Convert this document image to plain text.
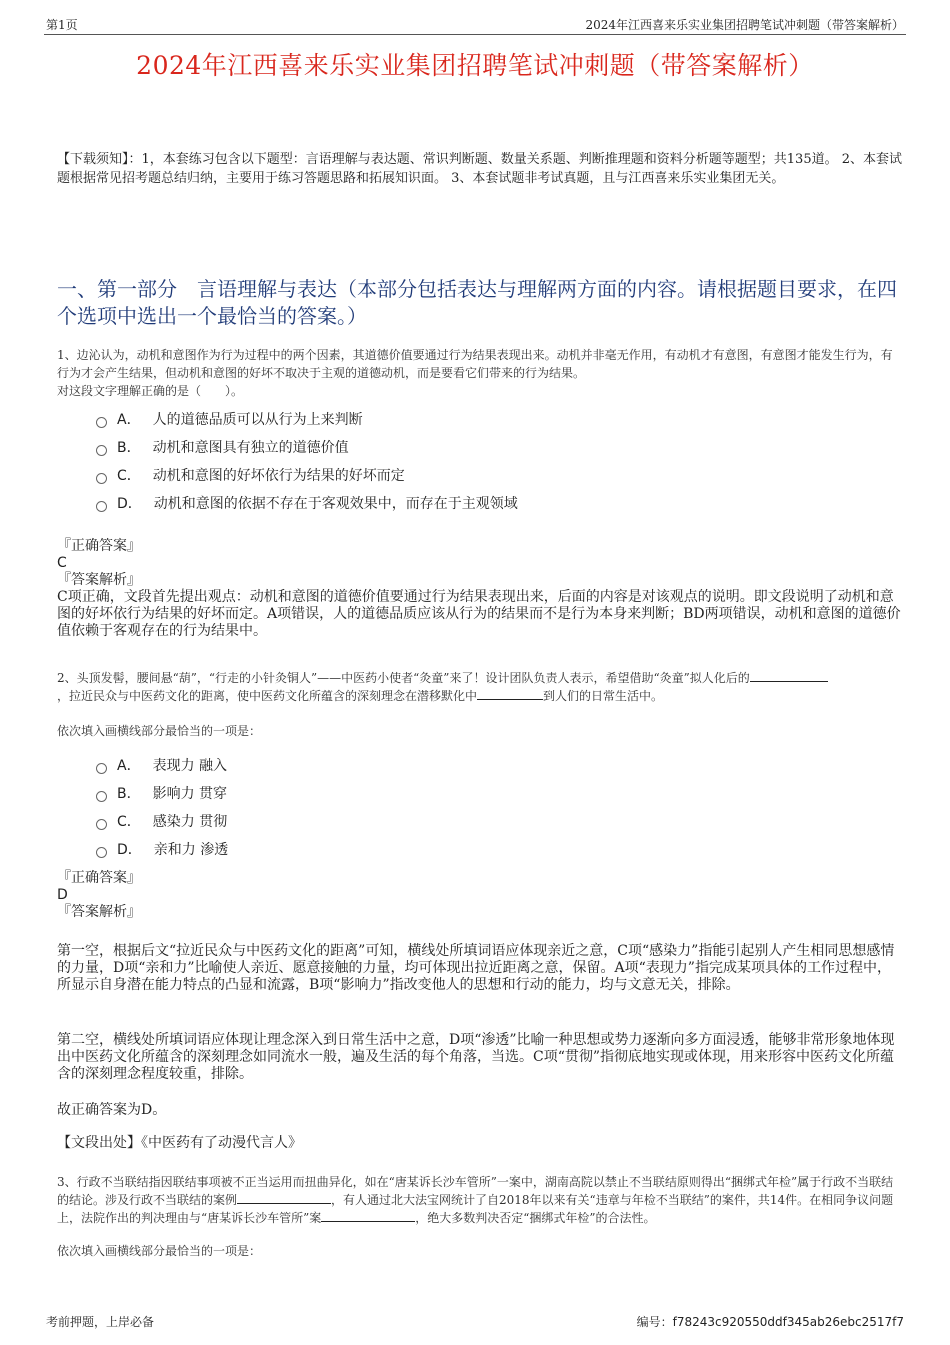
第1页	2024年江西喜来乐实业集团招聘笔试冲刺题（带答案解析）
2024年江西喜来乐实业集团招聘笔试冲刺题（带答案解析）
【下载须知】：1，本套练习包含以下题型：言语理解与表达题、常识判断题、数量关系题、判断推理题和资料分析题等题型；共135道。 2、本套试题根据常见招考题总结归纳，主要用于练习答题思路和拓展知识面。 3、本套试题非考试真题，且与江西喜来乐实业集团无关。
一、第一部分　言语理解与表达（本部分包括表达与理解两方面的内容。请根据题目要求，在四个选项中选出一个最恰当的答案。）
1、边沁认为，动机和意图作为行为过程中的两个因素，其道德价值要通过行为结果表现出来。动机并非毫无作用，有动机才有意图，有意图才能发生行为，有行为才会产生结果，但动机和意图的好坏不取决于主观的道德动机，而是要看它们带来的行为结果。
对这段文字理解正确的是（　　）。
A． 人的道德品质可以从行为上来判断
B． 动机和意图具有独立的道德价值
C． 动机和意图的好坏依行为结果的好坏而定
D． 动机和意图的依据不存在于客观效果中，而存在于主观领域
『正确答案』
C
『答案解析』
C项正确，文段首先提出观点：动机和意图的道德价值要通过行为结果表现出来，后面的内容是对该观点的说明。即文段说明了动机和意图的好坏依行为结果的好坏而定。A项错误，人的道德品质应该从行为的结果而不是行为本身来判断；BD两项错误，动机和意图的道德价值依赖于客观存在的行为结果中。
2、头顶发髻，腰间悬“葫”，“行走的小针灸铜人”——中医药小使者“灸童”来了！设计团队负责人表示，希望借助“灸童”拟人化后的
，拉近民众与中医药文化的距离，使中医药文化所蕴含的深刻理念在潜移默化中	到人们的日常生活中。
依次填入画横线部分最恰当的一项是：
A． 表现力 融入
B． 影响力 贯穿
C． 感染力 贯彻
D． 亲和力 渗透
『正确答案』
D
『答案解析』
第一空，根据后文“拉近民众与中医药文化的距离”可知，横线处所填词语应体现亲近之意，C项“感染力”指能引起别人产生相同思想感情的力量，D项“亲和力”比喻使人亲近、愿意接触的力量，均可体现出拉近距离之意，保留。A项“表现力”指完成某项具体的工作过程中，所显示自身潜在能力特点的凸显和流露，B项“影响力”指改变他人的思想和行动的能力，均与文意无关，排除。
第二空，横线处所填词语应体现让理念深入到日常生活中之意，D项“渗透”比喻一种思想或势力逐渐向多方面浸透，能够非常形象地体现出中医药文化所蕴含的深刻理念如同流水一般，遍及生活的每个角落，当选。C项“贯彻”指彻底地实现或体现，用来形容中医药文化所蕴含的深刻理念程度较重，排除。
故正确答案为D。
【文段出处】《中医药有了动漫代言人》
3、行政不当联结指因联结事项被不正当运用而扭曲异化，如在“唐某诉长沙车管所”一案中，湖南高院以禁止不当联结原则得出“捆绑式年检”属于行政不当联结的结论。涉及行政不当联结的案例	，有人通过北大法宝网统计了自2018年以来有关“违章与年检不当联结”的案件，共14件。在相同争议问题上，法院作出的判决理由与“唐某诉长沙车管所”案	，绝大多数判决否定“捆绑式年检”的合法性。
依次填入画横线部分最恰当的一项是：
考前押题，上岸必备	编号：f78243c920550ddf345ab26ebc2517f7
